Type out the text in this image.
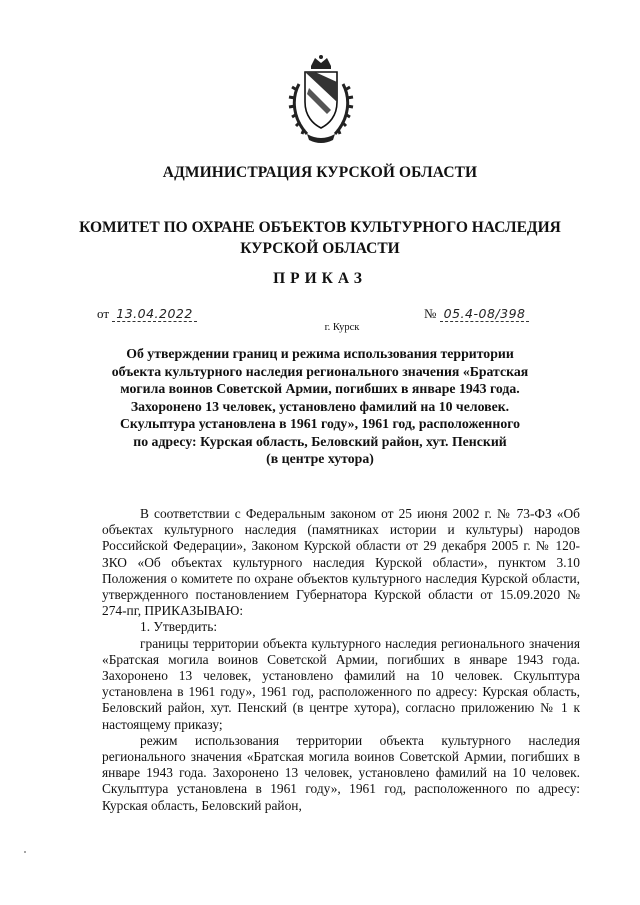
АДМИНИСТРАЦИЯ КУРСКОЙ ОБЛАСТИ
КОМИТЕТ ПО ОХРАНЕ ОБЪЕКТОВ КУЛЬТУРНОГО НАСЛЕДИЯ
КУРСКОЙ ОБЛАСТИ
ПРИКАЗ
от 13.04.2022	№ 05.4-08/398
г. Курск
Об утверждении границ и режима использования территории
объекта культурного наследия регионального значения «Братская
могила воинов Советской Армии, погибших в январе 1943 года.
Захоронено 13 человек, установлено фамилий на 10 человек.
Скульптура установлена в 1961 году», 1961 год, расположенного
по адресу: Курская область, Беловский район, хут. Пенский
(в центре хутора)

В соответствии с Федеральным законом от 25 июня 2002 г. № 73-ФЗ «Об объектах культурного наследия (памятниках истории и культуры) народов Российской Федерации», Законом Курской области от 29 декабря 2005 г. № 120-ЗКО «Об объектах культурного наследия Курской области», пунктом 3.10 Положения о комитете по охране объектов культурного наследия Курской области, утвержденного постановлением Губернатора Курской области от 15.09.2020 № 274-пг, ПРИКАЗЫВАЮ:

1. Утвердить:

границы территории объекта культурного наследия регионального значения «Братская могила воинов Советской Армии, погибших в январе 1943 года. Захоронено 13 человек, установлено фамилий на 10 человек. Скульптура установлена в 1961 году», 1961 год, расположенного по адресу: Курская область, Беловский район, хут. Пенский (в центре хутора), согласно приложению № 1 к настоящему приказу;

режим использования территории объекта культурного наследия регионального значения «Братская могила воинов Советской Армии, погибших в январе 1943 года. Захоронено 13 человек, установлено фамилий на 10 человек. Скульптура установлена в 1961 году», 1961 год, расположенного по адресу: Курская область, Беловский район,
